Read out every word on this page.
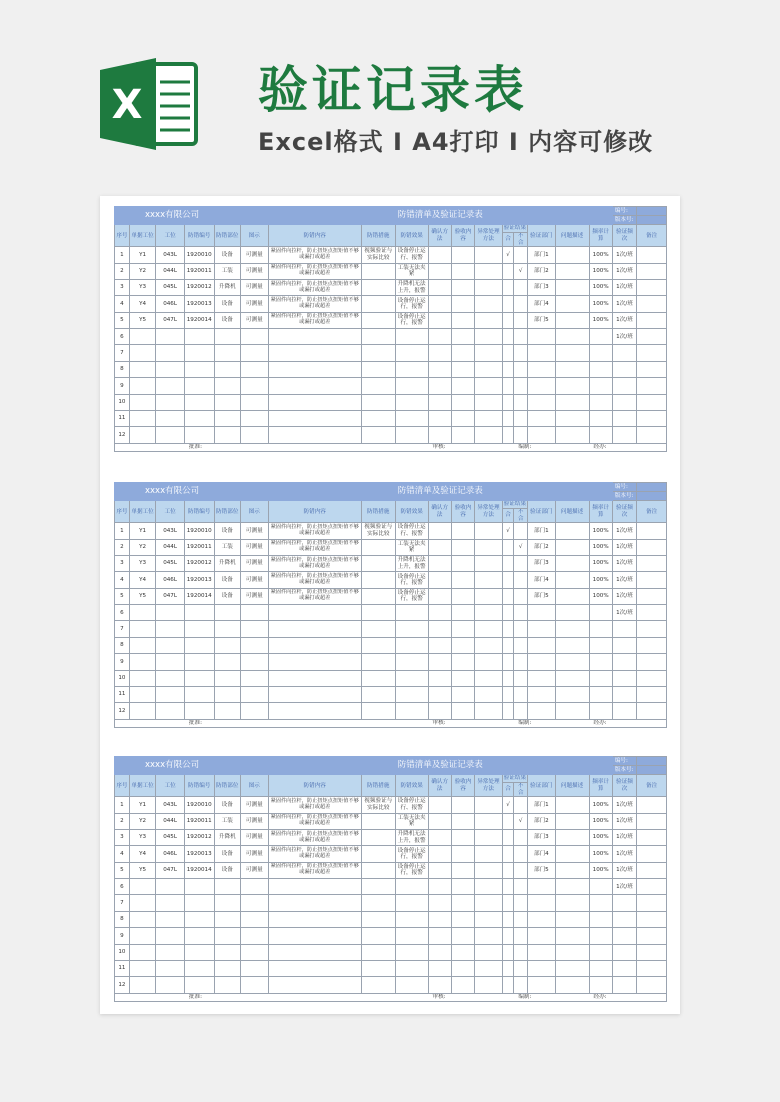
X 验证记录表
Excel格式 I A4打印 I 内容可修改
xxxx有限公司						防错清单及验证记录表											编号:	
																	版本号:	
序号	单据工位	工位	防错编号	防错部位	图示	防错内容	防错措施	防错效果	确认方法	验收内容	异常处理方法	验证结果		验证部门	问题描述	频率计算	验证频次	备注
												合	不合					
1	Y1	043L	1920010	设备	可测量	紧固件向拉杆，防止扭矩点扭矩值不够或漏打或超差	视频验证与实际比较	设备停止运行、报警				√		部门1		100%	1次/班	
2	Y2	044L	1920011	工装	可测量	紧固件向拉杆，防止扭矩点扭矩值不够或漏打或超差		工装无法夹紧					√	部门2		100%	1次/班	
3	Y3	045L	1920012	升降机	可测量	紧固件向拉杆，防止扭矩点扭矩值不够或漏打或超差		升降机无法上升，报警						部门3		100%	1次/班	
4	Y4	046L	1920013	设备	可测量	紧固件向拉杆，防止扭矩点扭矩值不够或漏打或超差		设备停止运行，报警						部门4		100%	1次/班	
5	Y5	047L	1920014	设备	可测量	紧固件向拉杆，防止扭矩点扭矩值不够或漏打或超差		设备停止运行，报警						部门5		100%	1次/班	
6																	1次/班	
7																		
8																		
9																		
10																		
11																		
12																		
			批准:						审核:				编制:			经办:		
xxxx有限公司						防错清单及验证记录表											编号:	
																	版本号:	
序号	单据工位	工位	防错编号	防错部位	图示	防错内容	防错措施	防错效果	确认方法	验收内容	异常处理方法	验证结果		验证部门	问题描述	频率计算	验证频次	备注
												合	不合					
1	Y1	043L	1920010	设备	可测量	紧固件向拉杆，防止扭矩点扭矩值不够或漏打或超差	视频验证与实际比较	设备停止运行、报警				√		部门1		100%	1次/班	
2	Y2	044L	1920011	工装	可测量	紧固件向拉杆，防止扭矩点扭矩值不够或漏打或超差		工装无法夹紧					√	部门2		100%	1次/班	
3	Y3	045L	1920012	升降机	可测量	紧固件向拉杆，防止扭矩点扭矩值不够或漏打或超差		升降机无法上升，报警						部门3		100%	1次/班	
4	Y4	046L	1920013	设备	可测量	紧固件向拉杆，防止扭矩点扭矩值不够或漏打或超差		设备停止运行，报警						部门4		100%	1次/班	
5	Y5	047L	1920014	设备	可测量	紧固件向拉杆，防止扭矩点扭矩值不够或漏打或超差		设备停止运行，报警						部门5		100%	1次/班	
6																	1次/班	
7																		
8																		
9																		
10																		
11																		
12																		
			批准:						审核:				编制:			经办:		
xxxx有限公司						防错清单及验证记录表											编号:	
																	版本号:	
序号	单据工位	工位	防错编号	防错部位	图示	防错内容	防错措施	防错效果	确认方法	验收内容	异常处理方法	验证结果		验证部门	问题描述	频率计算	验证频次	备注
												合	不合					
1	Y1	043L	1920010	设备	可测量	紧固件向拉杆，防止扭矩点扭矩值不够或漏打或超差	视频验证与实际比较	设备停止运行、报警				√		部门1		100%	1次/班	
2	Y2	044L	1920011	工装	可测量	紧固件向拉杆，防止扭矩点扭矩值不够或漏打或超差		工装无法夹紧					√	部门2		100%	1次/班	
3	Y3	045L	1920012	升降机	可测量	紧固件向拉杆，防止扭矩点扭矩值不够或漏打或超差		升降机无法上升，报警						部门3		100%	1次/班	
4	Y4	046L	1920013	设备	可测量	紧固件向拉杆，防止扭矩点扭矩值不够或漏打或超差		设备停止运行，报警						部门4		100%	1次/班	
5	Y5	047L	1920014	设备	可测量	紧固件向拉杆，防止扭矩点扭矩值不够或漏打或超差		设备停止运行，报警						部门5		100%	1次/班	
6																	1次/班	
7																		
8																		
9																		
10																		
11																		
12																		
			批准:						审核:				编制:			经办:		
